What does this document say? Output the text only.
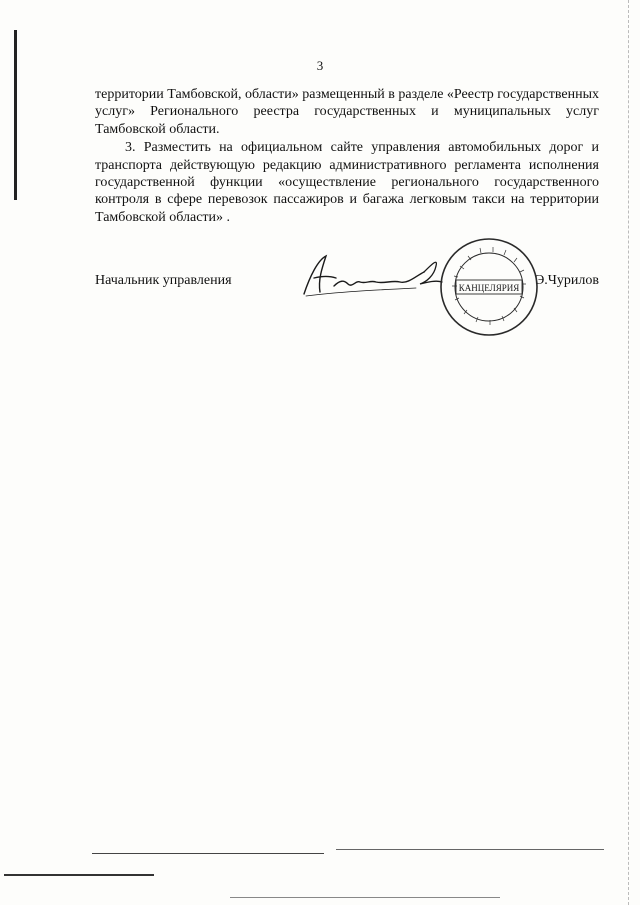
3

территории Тамбовской, области» размещенный в разделе «Реестр государственных услуг» Регионального реестра государственных и муниципальных услуг Тамбовской области.

3. Разместить на официальном сайте управления автомобильных дорог и транспорта действующую редакцию административного регламента исполнения государственной функции «осуществление регионального государственного контроля в сфере перевозок пассажиров и багажа легковым такси на территории Тамбовской области» .

Начальник управления	Э.Чурилов
КАНЦЕЛЯРИЯ
